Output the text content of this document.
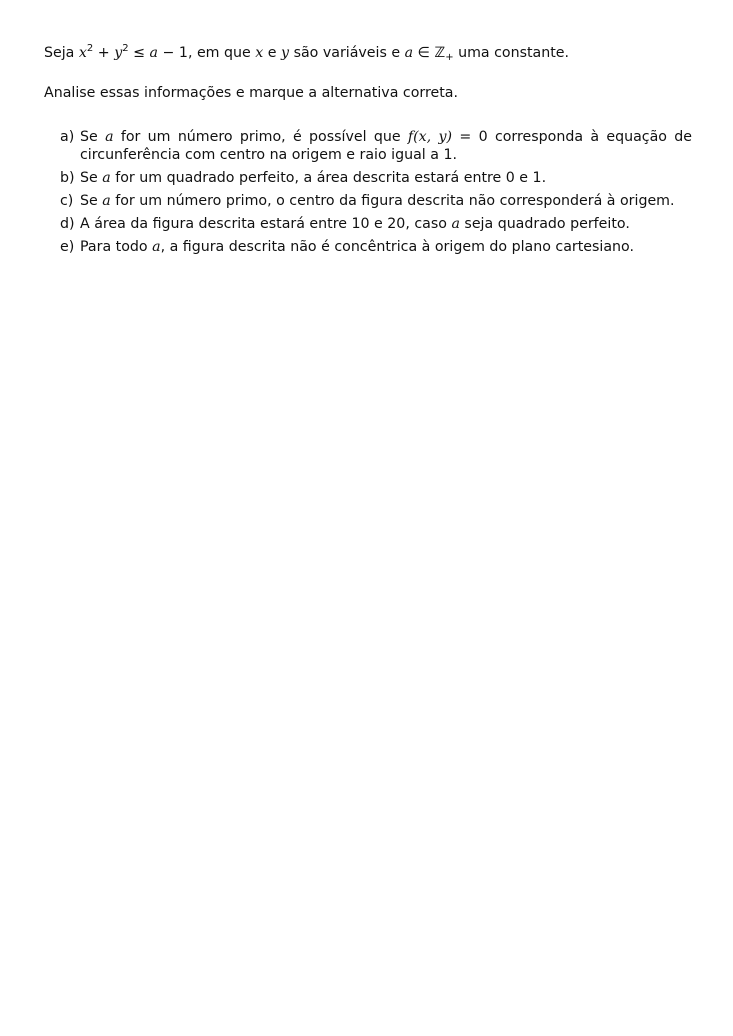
Seja $x^2 + y^2 \le a - 1$, em que x e y são variáveis e a ∈ ℤ$_+$ uma constante.
Analise essas informações e marque a alternativa correta.
a) Se a for um número primo, é possível que f(x, y) = 0 corresponda à equação de circunferência com centro na origem e raio igual a 1.
b) Se a for um quadrado perfeito, a área descrita estará entre 0 e 1.
c) Se a for um número primo, o centro da figura descrita não corresponderá à origem.
d) A área da figura descrita estará entre 10 e 20, caso a seja quadrado perfeito.
e) Para todo a, a figura descrita não é concêntrica à origem do plano cartesiano.
